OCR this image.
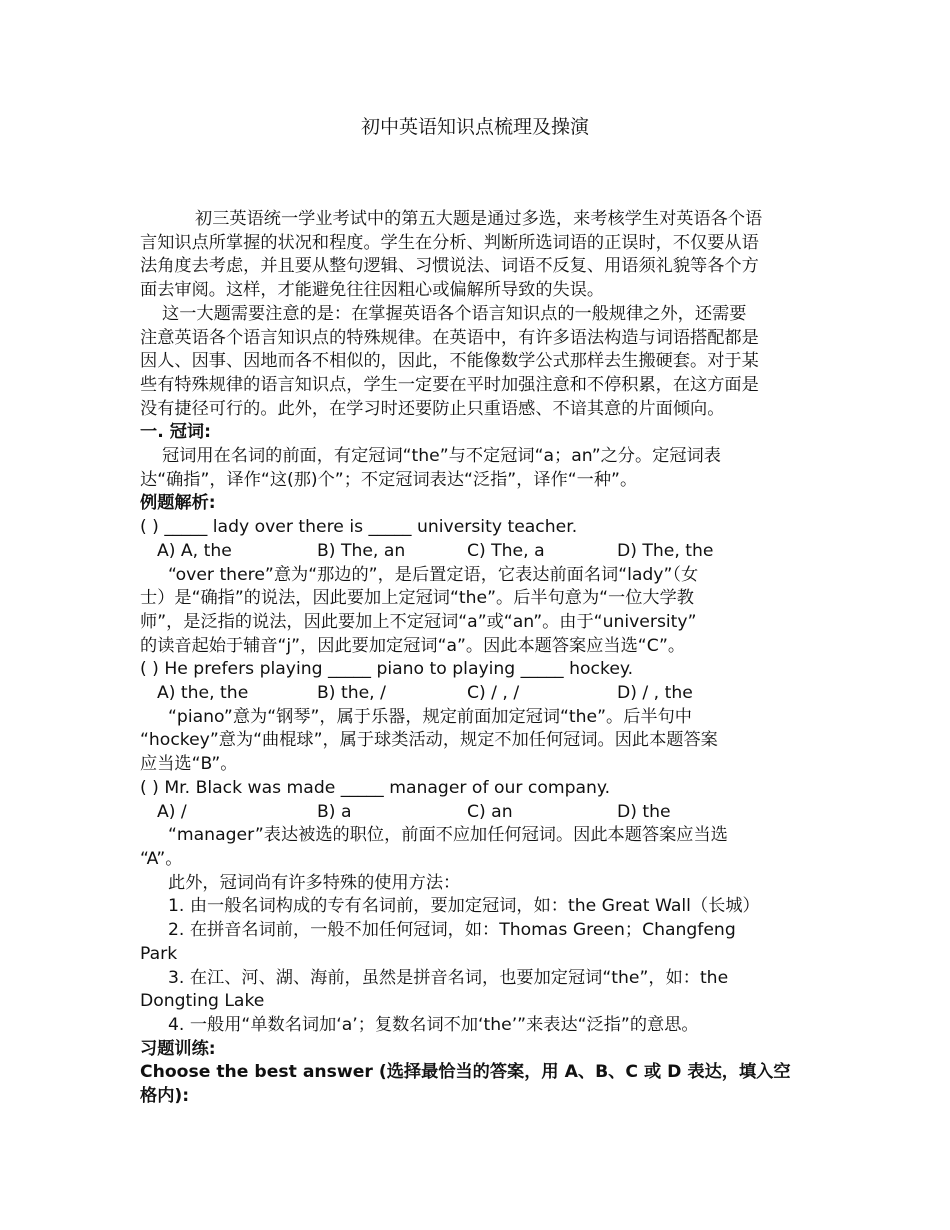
初中英语知识点梳理及操演
初三英语统一学业考试中的第五大题是通过多选，来考核学生对英语各个语
言知识点所掌握的状况和程度。学生在分析、判断所选词语的正误时，不仅要从语
法角度去考虑，并且要从整句逻辑、习惯说法、词语不反复、用语须礼貌等各个方
面去审阅。这样，才能避免往往因粗心或偏解所导致的失误。
这一大题需要注意的是：在掌握英语各个语言知识点的一般规律之外，还需要
注意英语各个语言知识点的特殊规律。在英语中，有许多语法构造与词语搭配都是
因人、因事、因地而各不相似的，因此，不能像数学公式那样去生搬硬套。对于某
些有特殊规律的语言知识点，学生一定要在平时加强注意和不停积累，在这方面是
没有捷径可行的。此外，在学习时还要防止只重语感、不谙其意的片面倾向。
一. 冠词:
冠词用在名词的前面，有定冠词“the”与不定冠词“a；an”之分。定冠词表
达“确指”，译作“这(那)个”；不定冠词表达“泛指”，译作“一种”。
例题解析:
( ) _____ lady over there is _____ university teacher.
A) A, the	B) The, an	C) The, a	D) The, the
“over there”意为“那边的”，是后置定语，它表达前面名词“lady”（女
士）是“确指”的说法，因此要加上定冠词“the”。后半句意为“一位大学教
师”，是泛指的说法，因此要加上不定冠词“a”或“an”。由于“university”
的读音起始于辅音“j”，因此要加定冠词“a”。因此本题答案应当选“C”。
( ) He prefers playing _____ piano to playing _____ hockey.
A) the, the	B) the, /	C) / , /	D) / , the
“piano”意为“钢琴”，属于乐器，规定前面加定冠词“the”。后半句中
“hockey”意为“曲棍球”，属于球类活动，规定不加任何冠词。因此本题答案
应当选“B”。
( ) Mr. Black was made _____ manager of our company.
A) /	B) a	C) an	D) the
“manager”表达被选的职位，前面不应加任何冠词。因此本题答案应当选
“A”。
此外，冠词尚有许多特殊的使用方法：
1. 由一般名词构成的专有名词前，要加定冠词，如：the Great Wall（长城）
2. 在拼音名词前，一般不加任何冠词，如：Thomas Green；Changfeng
Park
3. 在江、河、湖、海前，虽然是拼音名词，也要加定冠词“the”，如：the
Dongting Lake
4. 一般用“单数名词加‘a’；复数名词不加‘the’”来表达“泛指”的意思。
习题训练:
Choose the best answer (选择最恰当的答案，用 A、B、C 或 D 表达，填入空
格内):
